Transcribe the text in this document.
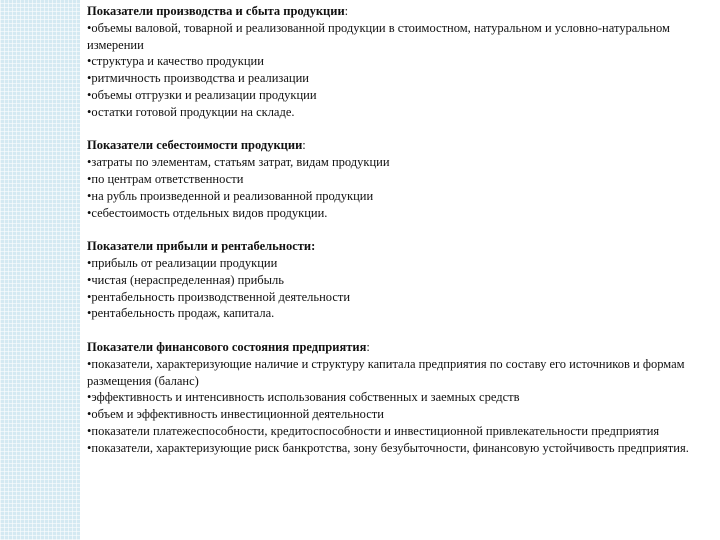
Показатели производства и сбыта продукции:

•объемы валовой, товарной и реализованной продукции в стоимостном, натуральном и условно-натуральном измерении

•структура и качество продукции

•ритмичность производства и реализации

•объемы отгрузки и реализации продукции

•остатки готовой продукции на складе.

Показатели себестоимости продукции:

•затраты по элементам, статьям затрат, видам продукции

•по центрам ответственности

•на рубль произведенной и реализованной продукции

•себестоимость отдельных видов продукции.

Показатели прибыли и рентабельности:

•прибыль от реализации продукции

•чистая (нераспределенная) прибыль

•рентабельность производственной деятельности

•рентабельность продаж, капитала.

Показатели финансового состояния предприятия:

•показатели, характеризующие наличие и структуру капитала предприятия по составу его источников и формам размещения (баланс)

•эффективность и интенсивность использования собственных и заемных средств

•объем и эффективность инвестиционной деятельности

•показатели платежеспособности, кредитоспособности и инвестиционной привлекательности предприятия

•показатели, характеризующие риск банкротства, зону безубыточности, финансовую устойчивость предприятия.
